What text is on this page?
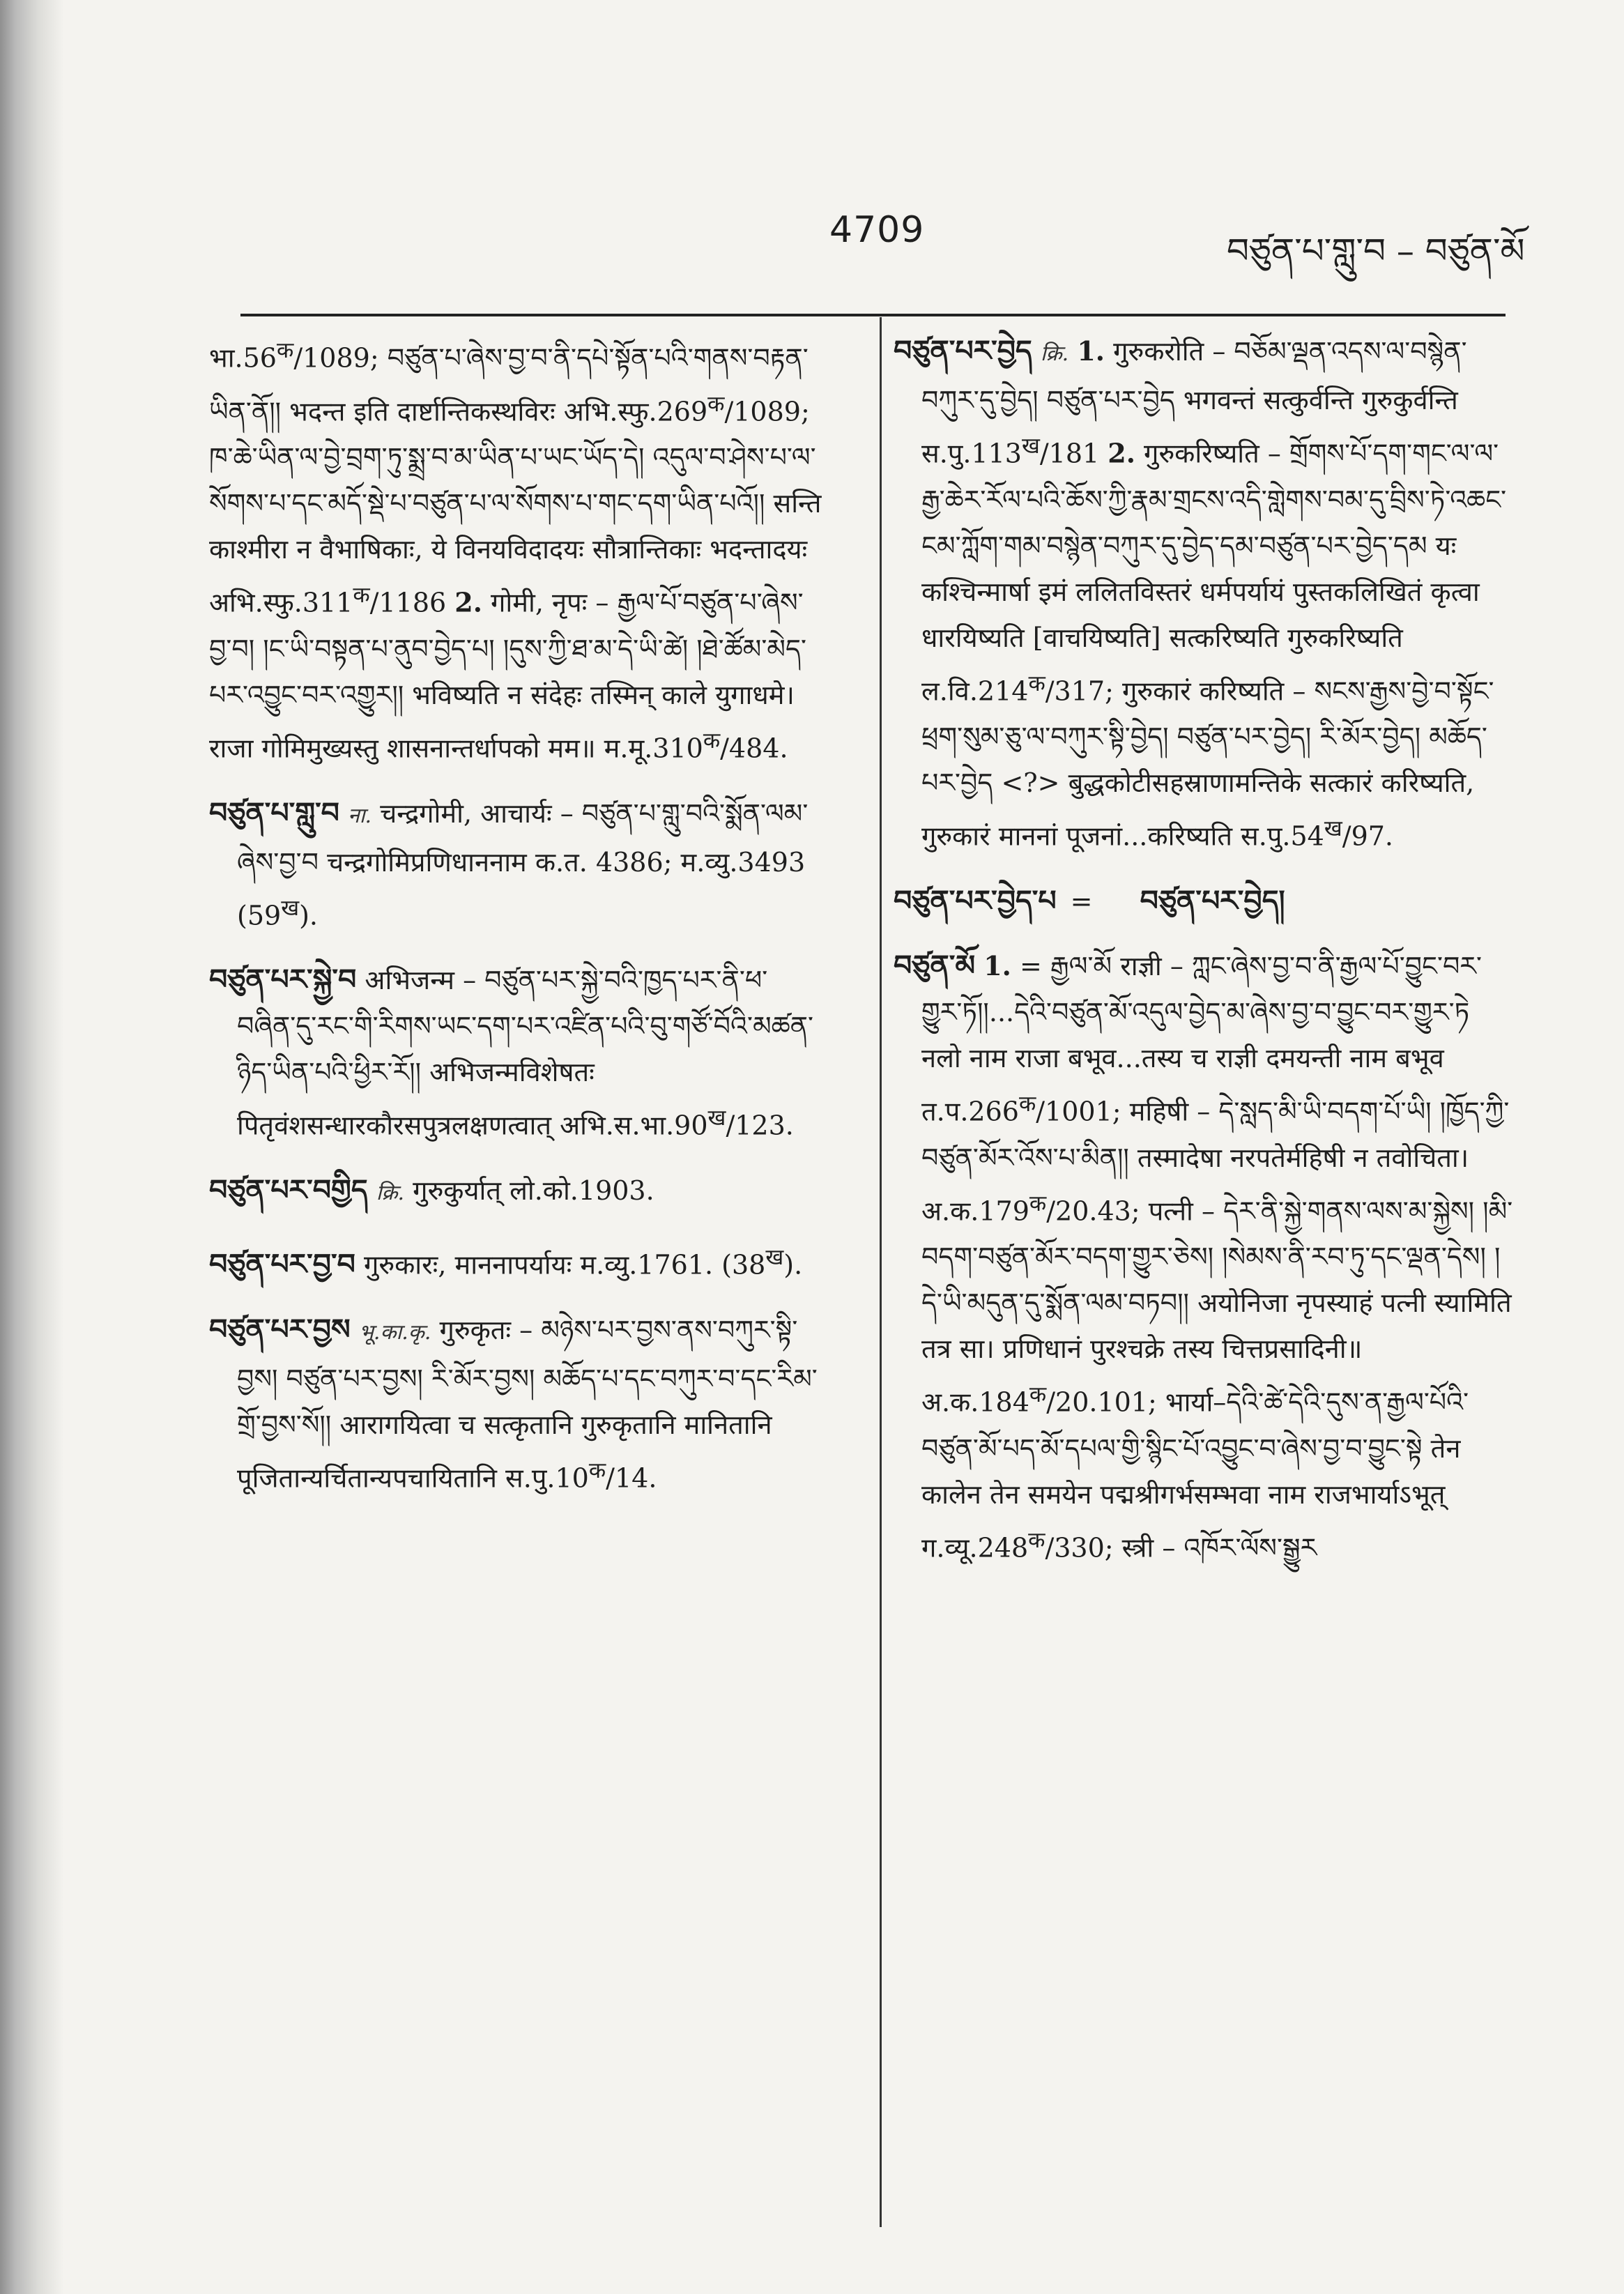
4709	བཙུན་པ་གླུ་བ – བཙུན་མོ

$भा.56^क/1089$; བཙུན་པ་ཞེས་བྱ་བ་ནི་དཔེ་སྟོན་པའི་གནས་བརྟན་ཡིན་ནོ།། भदन्त इति दार्ष्टान्तिकस्थविरः $अभि.स्फु.269^क/1089$; ཁ་ཆེ་ཡིན་ལ་བྱེ་བྲག་ཏུ་སྨྲ་བ་མ་ཡིན་པ་ཡང་ཡོད་དེ། འདུལ་བ་ཤེས་པ་ལ་སོགས་པ་དང་མདོ་སྡེ་པ་བཙུན་པ་ལ་སོགས་པ་གང་དག་ཡིན་པའོ།། सन्ति काश्मीरा न वैभाषिकाः, ये विनयविदादयः सौत्रान्तिकाः भदन्तादयः $अभि.स्फु.311^क/1186$ 2. गोमी, नृपः – རྒྱལ་པོ་བཙུན་པ་ཞེས་བྱ་བ། །ང་ཡི་བསྟན་པ་ནུབ་བྱེད་པ། །དུས་ཀྱི་ཐ་མ་དེ་ཡི་ཚེ། །ཐེ་ཚོམ་མེད་པར་འབྱུང་བར་འགྱུར།། भविष्यति न संदेहः तस्मिन् काले युगाधमे। राजा गोमिमुख्यस्तु शासनान्तर्धापको मम॥ $म.मू.310^क/484$.

བཙུན་པ་གླུ་བ ना. चन्द्रगोमी, आचार्यः – བཙུན་པ་གླུ་བའི་སྨོན་ལམ་ཞེས་བྱ་བ चन्द्रगोमिप्रणिधाननाम क.त. 4386; म.व्यु.3493 $(59^ख)$.

བཙུན་པར་སྐྱེ་བ अभिजन्म – བཙུན་པར་སྐྱེ་བའི་ཁྱད་པར་ནི་ཕ་བཞིན་དུ་རང་གི་རིགས་ཡང་དག་པར་འཛིན་པའི་བུ་གཙོ་བོའི་མཚན་ཉིད་ཡིན་པའི་ཕྱིར་རོ།། अभिजन्मविशेषतः पितृवंशसन्धारकौरसपुत्रलक्षणत्वात् $अभि.स.भा.90^ख/123$.

བཙུན་པར་བགྱིད क्रि. गुरुकुर्यात् लो.को.1903.

བཙུན་པར་བྱ་བ गुरुकारः, माननापर्यायः म.व्यु.1761. $(38^ख)$.

བཙུན་པར་བྱས भू.का.कृ. गुरुकृतः – མཉེས་པར་བྱས་ནས་བཀུར་སྟི་བྱས། བཙུན་པར་བྱས། རི་མོར་བྱས། མཆོད་པ་དང་བཀུར་བ་དང་རིམ་གྲོ་བྱས་སོ།། आरागयित्वा च सत्कृतानि गुरुकृतानि मानितानि पूजितान्यर्चितान्यपचायितानि $स.पु.10^क/14$.

བཙུན་པར་བྱེད क्रि. 1. गुरुकरोति – བཅོམ་ལྡན་འདས་ལ་བསྙེན་བཀུར་དུ་བྱེད། བཙུན་པར་བྱེད भगवन्तं सत्कुर्वन्ति गुरुकुर्वन्ति $स.पु.113^ख/181$ 2. गुरुकरिष्यति – གྲོགས་པོ་དག་གང་ལ་ལ་རྒྱ་ཆེར་རོལ་པའི་ཆོས་ཀྱི་རྣམ་གྲངས་འདི་གླེགས་བམ་དུ་བྲིས་ཏེ་འཆང་ངམ་ཀློག་གམ་བསྙེན་བཀུར་དུ་བྱེད་དམ་བཙུན་པར་བྱེད་དམ यः कश्चिन्मार्षा इमं ललितविस्तरं धर्मपर्यायं पुस्तकलिखितं कृत्वा धारयिष्यति [वाचयिष्यति] सत्करिष्यति गुरुकरिष्यति $ल.वि.214^क/317$; गुरुकारं करिष्यति – སངས་རྒྱས་བྱེ་བ་སྟོང་ཕྲག་སུམ་ཅུ་ལ་བཀུར་སྟི་བྱེད། བཙུན་པར་བྱེད། རི་མོར་བྱེད། མཆོད་པར་བྱེད <?> बुद्धकोटीसहस्राणामन्तिके सत्कारं करिष्यति, गुरुकारं माननां पूजनां...करिष्यति $स.पु.54^ख/97$.

བཙུན་པར་བྱེད་པ = བཙུན་པར་བྱེད།

བཙུན་མོ 1. = རྒྱལ་མོ राज्ञी – ཀླང་ཞེས་བྱ་བ་ནི་རྒྱལ་པོ་བྱུང་བར་གྱུར་ཏོ།།...དེའི་བཙུན་མོ་འདུལ་བྱེད་མ་ཞེས་བྱ་བ་བྱུང་བར་གྱུར་ཏེ नलो नाम राजा बभूव...तस्य च राज्ञी दमयन्ती नाम बभूव $त.प.266^क/1001$; महिषी – དེ་སླད་མི་ཡི་བདག་པོ་ཡི། །ཁྱོད་ཀྱི་བཙུན་མོར་འོས་པ་མིན།། तस्मादेषा नरपतेर्महिषी न तवोचिता। $अ.क.179^क/20.43$; पत्नी – དེར་ནི་སྐྱེ་གནས་ལས་མ་སྐྱེས། །མི་བདག་བཙུན་མོར་བདག་གྱུར་ཅེས། །སེམས་ནི་རབ་ཏུ་དང་ལྡན་དེས། །དེ་ཡི་མདུན་དུ་སྨོན་ལམ་བཏབ།། अयोनिजा नृपस्याहं पत्नी स्यामिति तत्र सा। प्रणिधानं पुरश्चक्रे तस्य चित्तप्रसादिनी॥ $अ.क.184^क/20.101$; भार्या–དེའི་ཚེ་དེའི་དུས་ན་རྒྱལ་པོའི་བཙུན་མོ་པད་མོ་དཔལ་གྱི་སྙིང་པོ་འབྱུང་བ་ཞེས་བྱ་བ་བྱུང་སྟེ तेन कालेन तेन समयेन पद्मश्रीगर्भसम्भवा नाम राजभार्याऽभूत् $ग.व्यू.248^क/330$; स्त्री – འཁོར་ལོས་སྒྱུར
